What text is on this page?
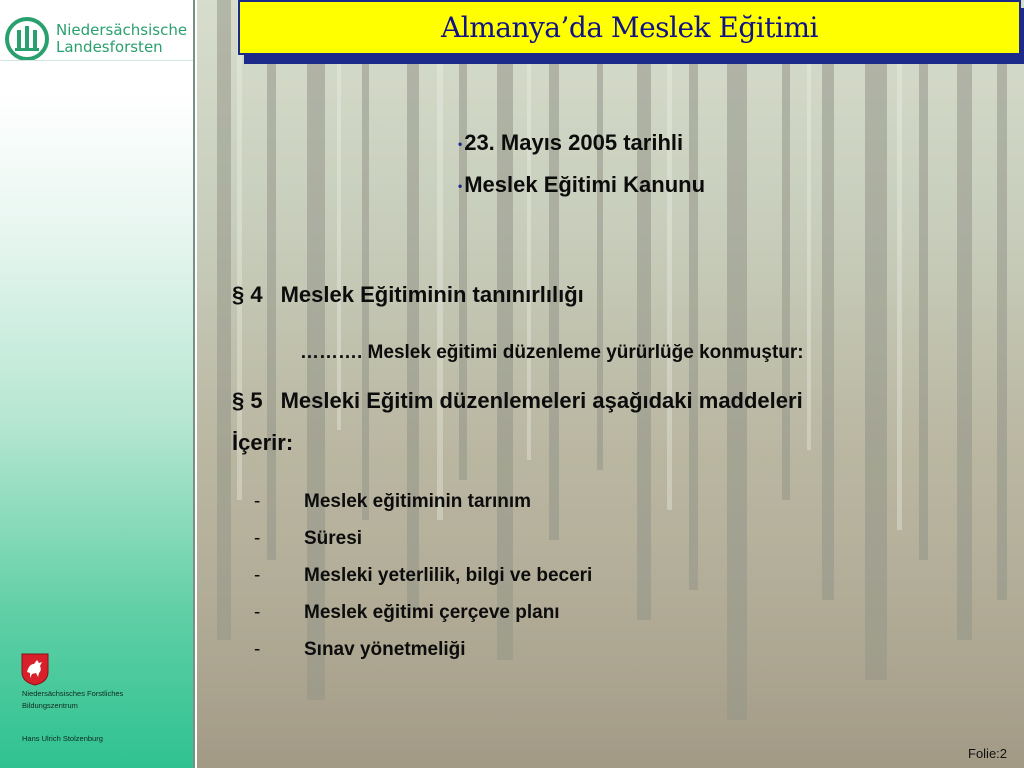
Niedersächsische
Landesforsten
Niedersächsisches Forstliches
Bildungszentrum
Hans Ulrich Stolzenburg
Almanya’da Meslek Eğitimi
•23. Mayıs 2005 tarihli
•Meslek Eğitimi Kanunu
§ 4 Meslek Eğitiminin tanınırlılığı
………. Meslek eğitimi düzenleme yürürlüğe konmuştur:
§ 5 Mesleki Eğitim düzenlemeleri aşağıdaki maddeleri
İçerir:
- Meslek eğitiminin tarınım
- Süresi
- Mesleki yeterlilik, bilgi ve beceri
- Meslek eğitimi çerçeve planı
- Sınav yönetmeliği
Folie:2
